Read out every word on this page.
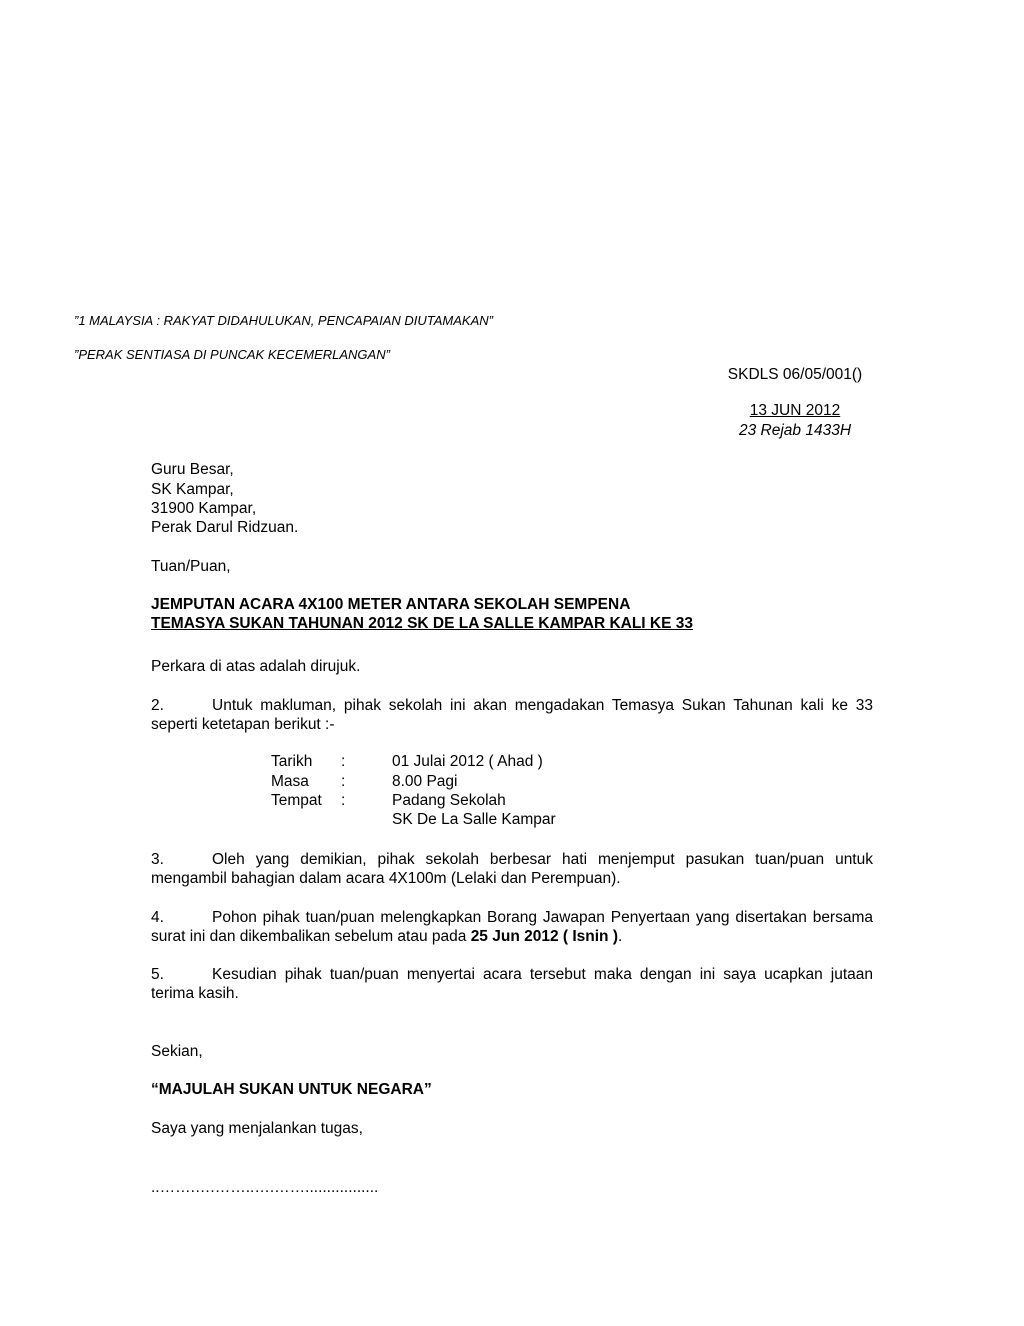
”1 MALAYSIA : RAKYAT DIDAHULUKAN, PENCAPAIAN DIUTAMAKAN”
”PERAK SENTIASA DI PUNCAK KECEMERLANGAN”
SKDLS 06/05/001()
13 JUN 2012
23 Rejab 1433H
Guru Besar,
SK Kampar,
31900 Kampar,
Perak Darul Ridzuan.
Tuan/Puan,
JEMPUTAN ACARA 4X100 METER ANTARA SEKOLAH SEMPENA
TEMASYA SUKAN TAHUNAN 2012 SK DE LA SALLE KAMPAR KALI KE 33
Perkara di atas adalah dirujuk.
2.	Untuk makluman, pihak sekolah ini akan mengadakan Temasya Sukan Tahunan kali ke 33 seperti ketetapan berikut :-
Tarikh :	01 Julai 2012 ( Ahad )
Masa :	8.00 Pagi
Tempat :	Padang Sekolah
SK De La Salle Kampar
3.	Oleh yang demikian, pihak sekolah berbesar hati menjemput pasukan tuan/puan untuk mengambil bahagian dalam acara 4X100m (Lelaki dan Perempuan).
4.	Pohon pihak tuan/puan melengkapkan Borang Jawapan Penyertaan yang disertakan bersama surat ini dan dikembalikan sebelum atau pada 25 Jun 2012 ( Isnin ).
5.	Kesudian pihak tuan/puan menyertai acara tersebut maka dengan ini saya ucapkan jutaan terima kasih.
Sekian,
“MAJULAH SUKAN UNTUK NEGARA”
Saya yang menjalankan tugas,
..…….….……..….…….................
